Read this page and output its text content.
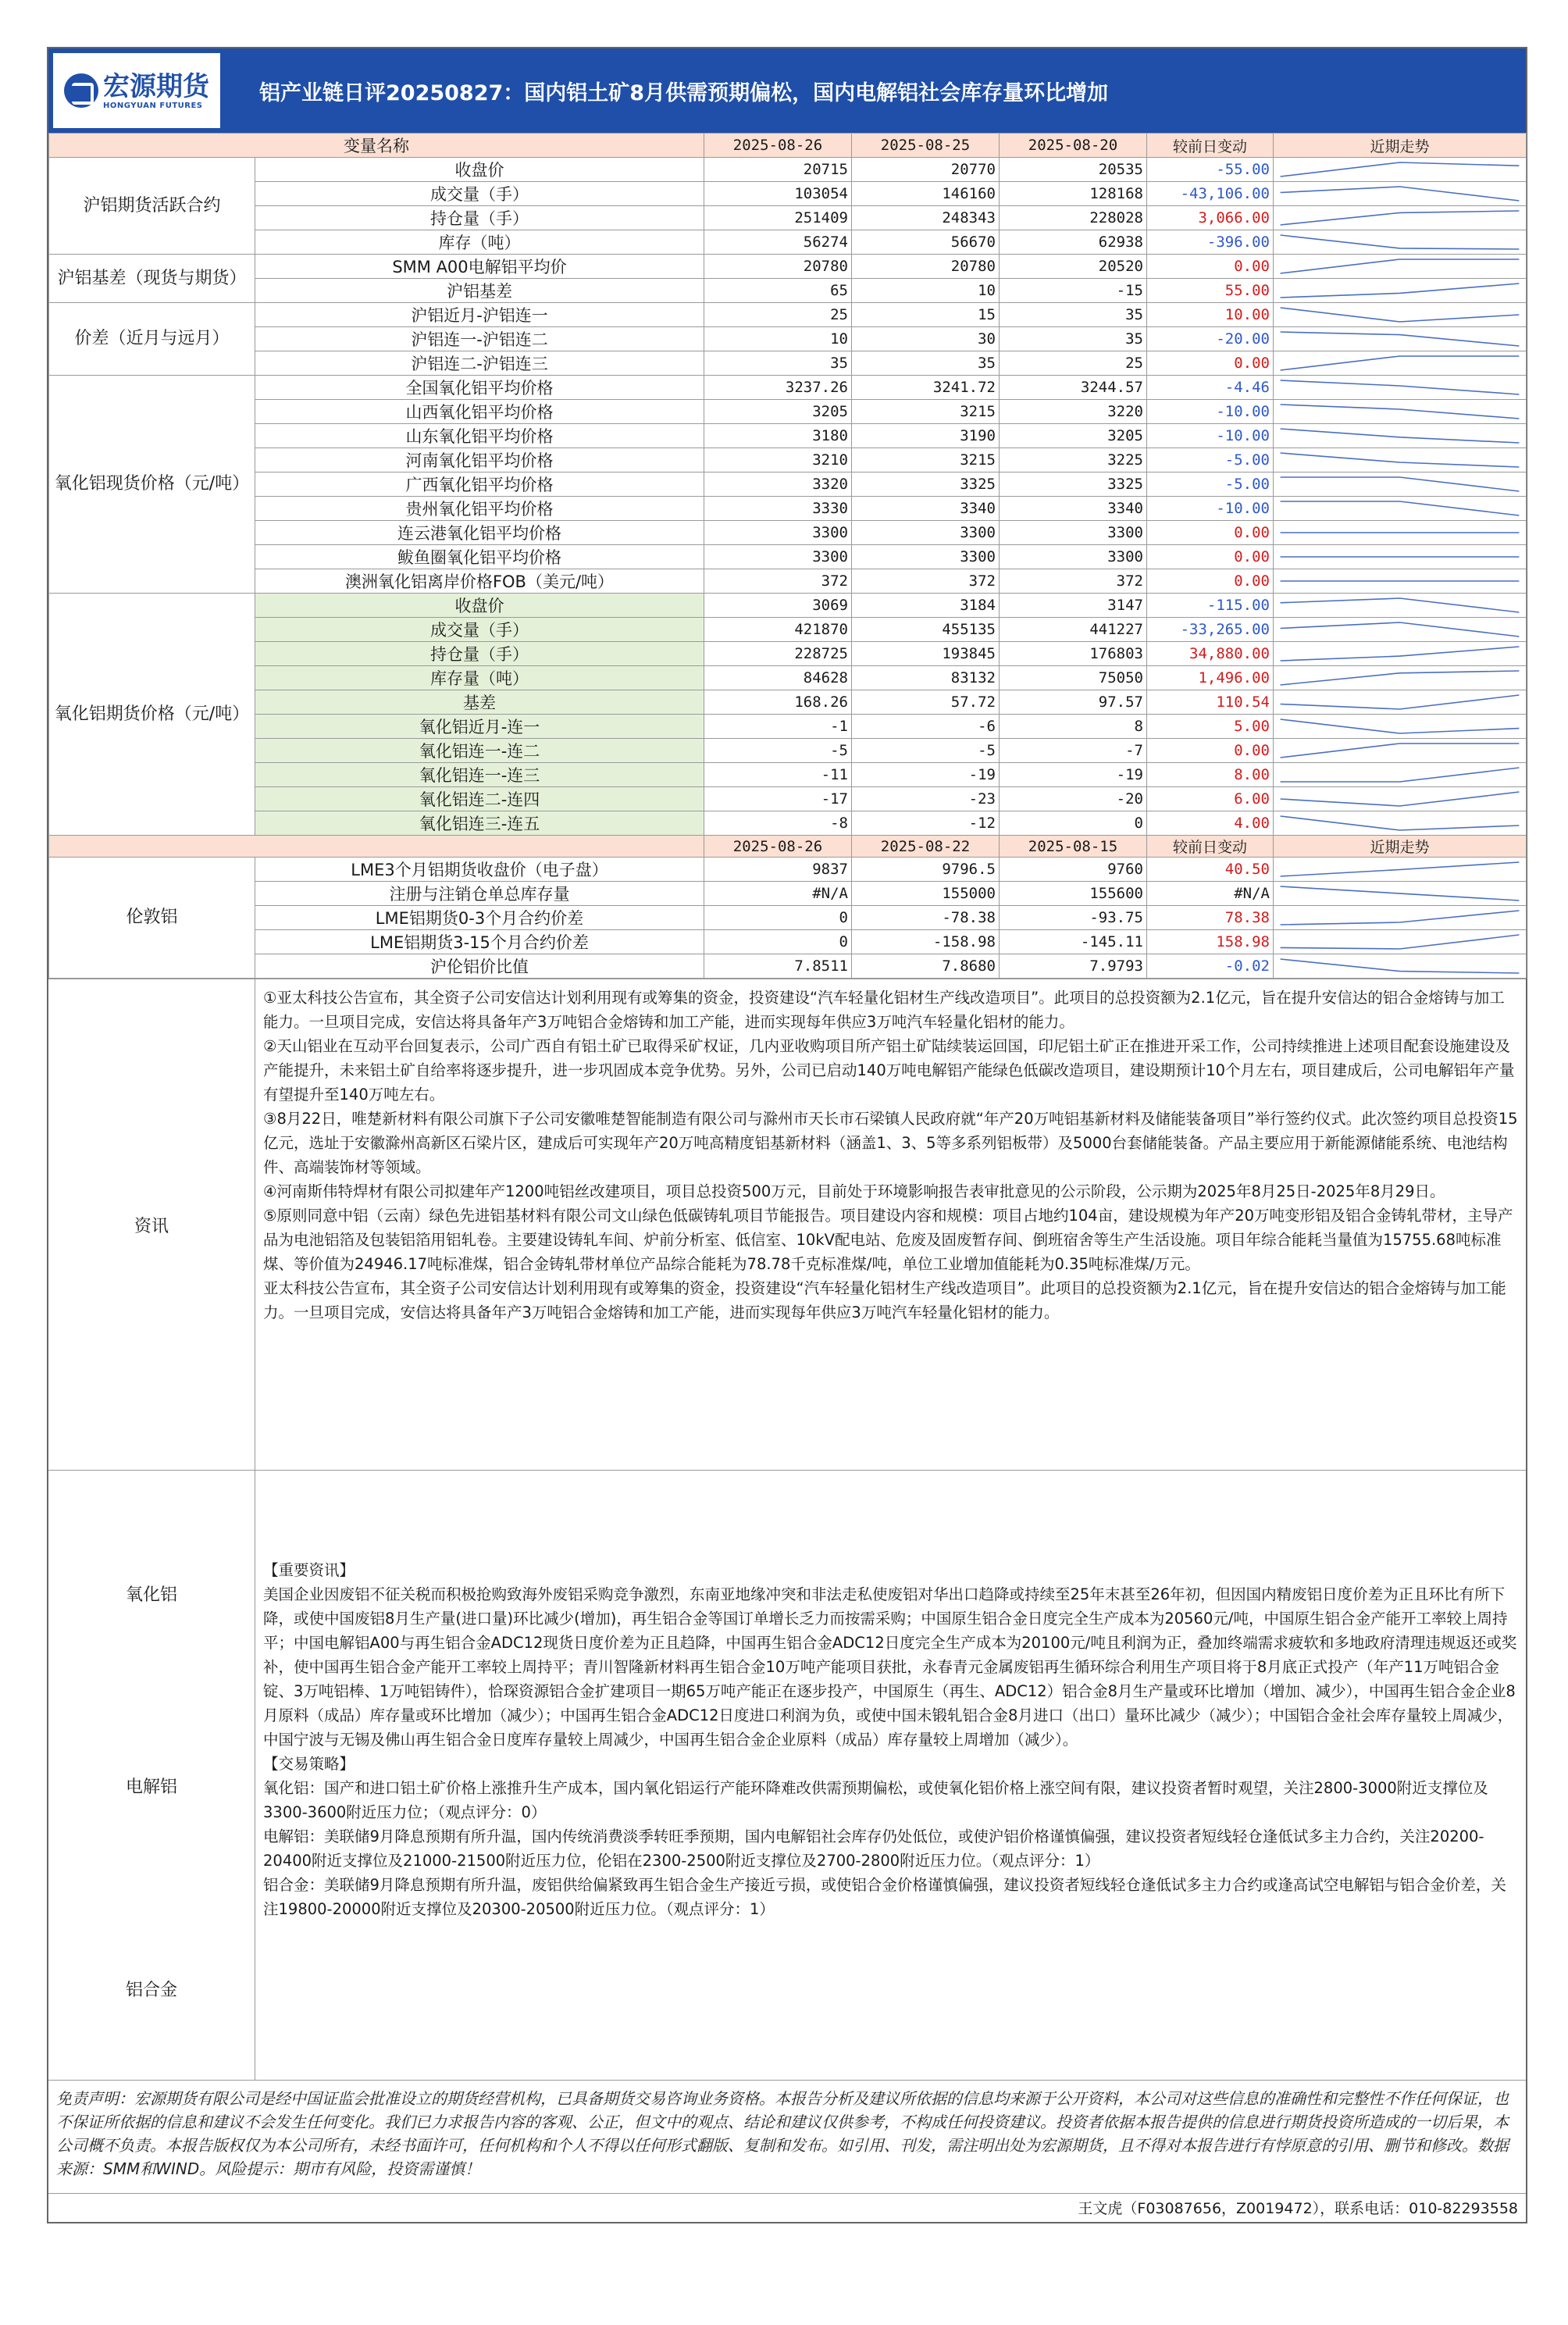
宏源期货
HONGYUAN FUTURES
铝产业链日评20250827：国内铝土矿8月供需预期偏松，国内电解铝社会库存量环比增加
变量名称		2025-08-26	2025-08-25	2025-08-20	较前日变动	近期走势
沪铝期货活跃合约	收盘价	20715	20770	20535	-55.00	

	成交量（手）	103054	146160	128168	-43,106.00	

	持仓量（手）	251409	248343	228028	3,066.00	

	库存（吨）	56274	56670	62938	-396.00	

沪铝基差（现货与期货）	SMM A00电解铝平均价	20780	20780	20520	0.00	

	沪铝基差	65	10	-15	55.00	

价差（近月与远月）	沪铝近月-沪铝连一	25	15	35	10.00	

	沪铝连一-沪铝连二	10	30	35	-20.00	

	沪铝连二-沪铝连三	35	35	25	0.00	

氧化铝现货价格（元/吨）	全国氧化铝平均价格	3237.26	3241.72	3244.57	-4.46	

	山西氧化铝平均价格	3205	3215	3220	-10.00	

	山东氧化铝平均价格	3180	3190	3205	-10.00	

	河南氧化铝平均价格	3210	3215	3225	-5.00	

	广西氧化铝平均价格	3320	3325	3325	-5.00	

	贵州氧化铝平均价格	3330	3340	3340	-10.00	

	连云港氧化铝平均价格	3300	3300	3300	0.00	

	鲅鱼圈氧化铝平均价格	3300	3300	3300	0.00	

	澳洲氧化铝离岸价格FOB（美元/吨）	372	372	372	0.00	

氧化铝期货价格（元/吨）	收盘价	3069	3184	3147	-115.00	

	成交量（手）	421870	455135	441227	-33,265.00	

	持仓量（手）	228725	193845	176803	34,880.00	

	库存量（吨）	84628	83132	75050	1,496.00	

	基差	168.26	57.72	97.57	110.54	

	氧化铝近月-连一	-1	-6	8	5.00	

	氧化铝连一-连二	-5	-5	-7	0.00	

	氧化铝连一-连三	-11	-19	-19	8.00	

	氧化铝连二-连四	-17	-23	-20	6.00	

	氧化铝连三-连五	-8	-12	0	4.00	

		2025-08-26	2025-08-22	2025-08-15	较前日变动	近期走势
伦敦铝	LME3个月铝期货收盘价（电子盘）	9837	9796.5	9760	40.50	

	注册与注销仓单总库存量	#N/A	155000	155600	#N/A	

	LME铝期货0-3个月合约价差	0	-78.38	-93.75	78.38	

	LME铝期货3-15个月合约价差	0	-158.98	-145.11	158.98	

	沪伦铝价比值	7.8511	7.8680	7.9793	-0.02	
资讯

①亚太科技公告宣布，其全资子公司安信达计划利用现有或筹集的资金，投资建设“汽车轻量化铝材生产线改造项目”。此项目的总投资额为2.1亿元，旨在提升安信达的铝合金熔铸与加工能力。一旦项目完成，安信达将具备年产3万吨铝合金熔铸和加工产能，进而实现每年供应3万吨汽车轻量化铝材的能力。

②天山铝业在互动平台回复表示，公司广西自有铝土矿已取得采矿权证，几内亚收购项目所产铝土矿陆续装运回国，印尼铝土矿正在推进开采工作，公司持续推进上述项目配套设施建设及产能提升，未来铝土矿自给率将逐步提升，进一步巩固成本竞争优势。另外，公司已启动140万吨电解铝产能绿色低碳改造项目，建设期预计10个月左右，项目建成后，公司电解铝年产量有望提升至140万吨左右。

③8月22日，唯楚新材料有限公司旗下子公司安徽唯楚智能制造有限公司与滁州市天长市石梁镇人民政府就“年产20万吨铝基新材料及储能装备项目”举行签约仪式。此次签约项目总投资15亿元，选址于安徽滁州高新区石梁片区，建成后可实现年产20万吨高精度铝基新材料（涵盖1、3、5等多系列铝板带）及5000台套储能装备。产品主要应用于新能源储能系统、电池结构件、高端装饰材等领域。

④河南斯伟特焊材有限公司拟建年产1200吨铝丝改建项目，项目总投资500万元，目前处于环境影响报告表审批意见的公示阶段，公示期为2025年8月25日-2025年8月29日。

⑤原则同意中铝（云南）绿色先进铝基材料有限公司文山绿色低碳铸轧项目节能报告。项目建设内容和规模：项目占地约104亩，建设规模为年产20万吨变形铝及铝合金铸轧带材，主导产品为电池铝箔及包装铝箔用铝轧卷。主要建设铸轧车间、炉前分析室、低信室、10kV配电站、危废及固废暂存间、倒班宿舍等生产生活设施。项目年综合能耗当量值为15755.68吨标准煤、等价值为24946.17吨标准煤，铝合金铸轧带材单位产品综合能耗为78.78千克标准煤/吨，单位工业增加值能耗为0.35吨标准煤/万元。

亚太科技公告宣布，其全资子公司安信达计划利用现有或筹集的资金，投资建设“汽车轻量化铝材生产线改造项目”。此项目的总投资额为2.1亿元，旨在提升安信达的铝合金熔铸与加工能力。一旦项目完成，安信达将具备年产3万吨铝合金熔铸和加工产能，进而实现每年供应3万吨汽车轻量化铝材的能力。

氧化铝
电解铝
铝合金

【重要资讯】

美国企业因废铝不征关税而积极抢购致海外废铝采购竞争激烈，东南亚地缘冲突和非法走私使废铝对华出口趋降或持续至25年末甚至26年初，但因国内精废铝日度价差为正且环比有所下降，或使中国废铝8月生产量(进口量)环比减少(增加)，再生铝合金等国订单增长乏力而按需采购；中国原生铝合金日度完全生产成本为20560元/吨，中国原生铝合金产能开工率较上周持平；中国电解铝A00与再生铝合金ADC12现货日度价差为正且趋降，中国再生铝合金ADC12日度完全生产成本为20100元/吨且利润为正，叠加终端需求疲软和多地政府清理违规返还或奖补，使中国再生铝合金产能开工率较上周持平；青川智隆新材料再生铝合金10万吨产能项目获批，永春青元金属废铝再生循环综合利用生产项目将于8月底正式投产（年产11万吨铝合金锭、3万吨铝棒、1万吨铝铸件），恰琛资源铝合金扩建项目一期65万吨产能正在逐步投产，中国原生（再生、ADC12）铝合金8月生产量或环比增加（增加、减少），中国再生铝合金企业8月原料（成品）库存量或环比增加（减少）；中国再生铝合金ADC12日度进口利润为负，或使中国未锻轧铝合金8月进口（出口）量环比减少（减少）；中国铝合金社会库存量较上周减少，中国宁波与无锡及佛山再生铝合金日度库存量较上周减少，中国再生铝合金企业原料（成品）库存量较上周增加（减少）。

【交易策略】

氧化铝：国产和进口铝土矿价格上涨推升生产成本，国内氧化铝运行产能环降难改供需预期偏松，或使氧化铝价格上涨空间有限，建议投资者暂时观望，关注2800-3000附近支撑位及3300-3600附近压力位；（观点评分：0）

电解铝：美联储9月降息预期有所升温，国内传统消费淡季转旺季预期，国内电解铝社会库存仍处低位，或使沪铝价格谨慎偏强，建议投资者短线轻仓逢低试多主力合约，关注20200-20400附近支撑位及21000-21500附近压力位，伦铝在2300-2500附近支撑位及2700-2800附近压力位。（观点评分：1）

铝合金：美联储9月降息预期有所升温，废铝供给偏紧致再生铝合金生产接近亏损，或使铝合金价格谨慎偏强，建议投资者短线轻仓逢低试多主力合约或逢高试空电解铝与铝合金价差，关注19800-20000附近支撑位及20300-20500附近压力位。（观点评分：1）

免责声明：宏源期货有限公司是经中国证监会批准设立的期货经营机构，已具备期货交易咨询业务资格。本报告分析及建议所依据的信息均来源于公开资料，本公司对这些信息的准确性和完整性不作任何保证，也不保证所依据的信息和建议不会发生任何变化。我们已力求报告内容的客观、公正，但文中的观点、结论和建议仅供参考，不构成任何投资建议。投资者依据本报告提供的信息进行期货投资所造成的一切后果，本公司概不负责。本报告版权仅为本公司所有，未经书面许可，任何机构和个人不得以任何形式翻版、复制和发布。如引用、刊发，需注明出处为宏源期货，且不得对本报告进行有悖原意的引用、删节和修改。数据来源：SMM和WIND。风险提示：期市有风险，投资需谨慎！
王文虎（F03087656，Z0019472），联系电话：010-82293558
